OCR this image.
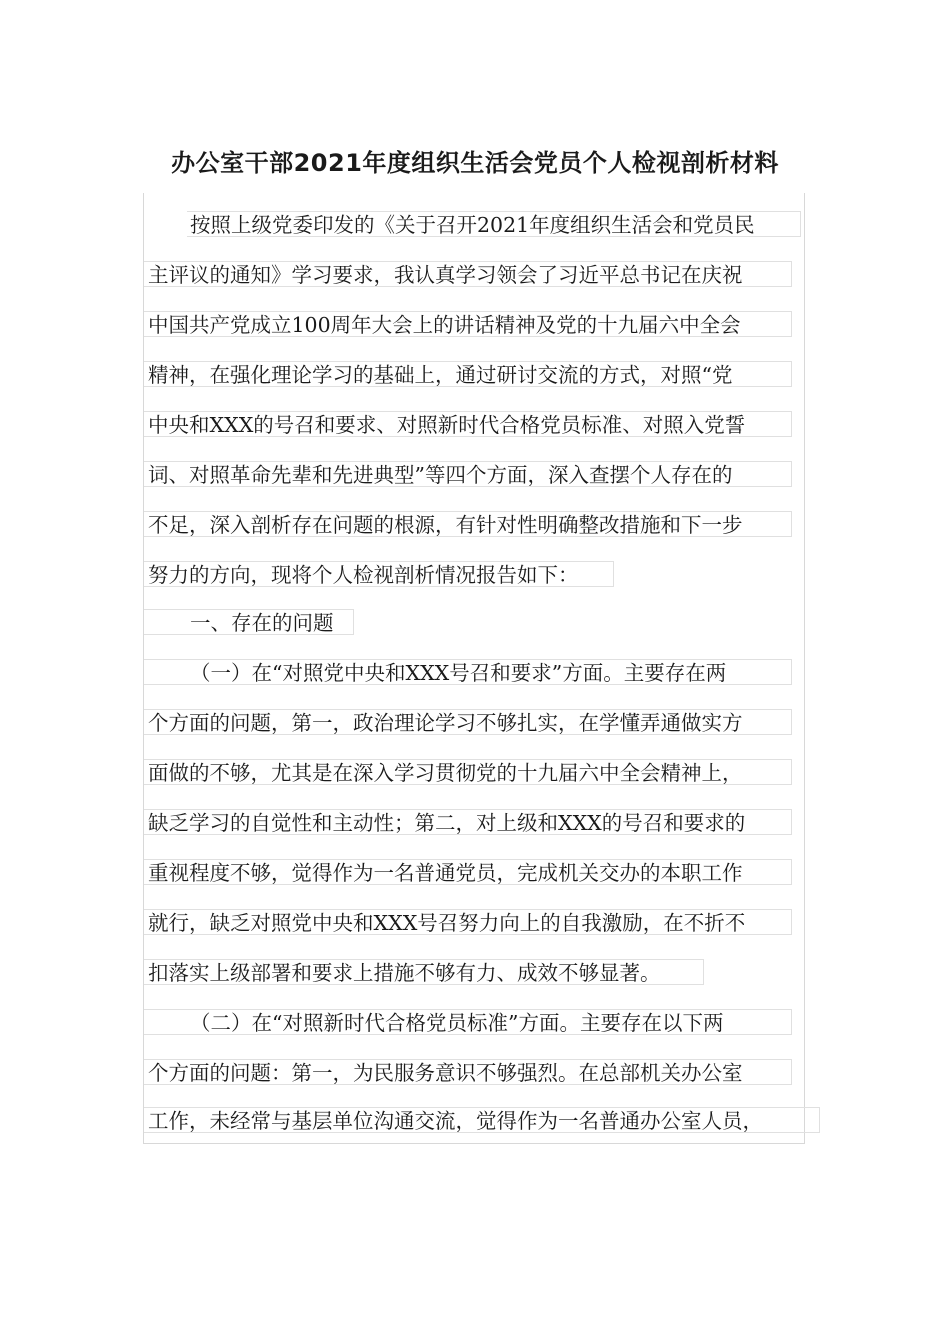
办公室干部2021年度组织生活会党员个人检视剖析材料
按照上级党委印发的《关于召开2021年度组织生活会和党员民
主评议的通知》学习要求，我认真学习领会了习近平总书记在庆祝
中国共产党成立100周年大会上的讲话精神及党的十九届六中全会
精神，在强化理论学习的基础上，通过研讨交流的方式，对照“党
中央和XXX的号召和要求、对照新时代合格党员标准、对照入党誓
词、对照革命先辈和先进典型”等四个方面，深入查摆个人存在的
不足，深入剖析存在问题的根源，有针对性明确整改措施和下一步
努力的方向，现将个人检视剖析情况报告如下：
一、存在的问题
（一）在“对照党中央和XXX号召和要求”方面。主要存在两
个方面的问题，第一，政治理论学习不够扎实，在学懂弄通做实方
面做的不够，尤其是在深入学习贯彻党的十九届六中全会精神上，
缺乏学习的自觉性和主动性；第二，对上级和XXX的号召和要求的
重视程度不够，觉得作为一名普通党员，完成机关交办的本职工作
就行，缺乏对照党中央和XXX号召努力向上的自我激励，在不折不
扣落实上级部署和要求上措施不够有力、成效不够显著。
（二）在“对照新时代合格党员标准”方面。主要存在以下两
个方面的问题：第一，为民服务意识不够强烈。在总部机关办公室
工作，未经常与基层单位沟通交流，觉得作为一名普通办公室人员，
